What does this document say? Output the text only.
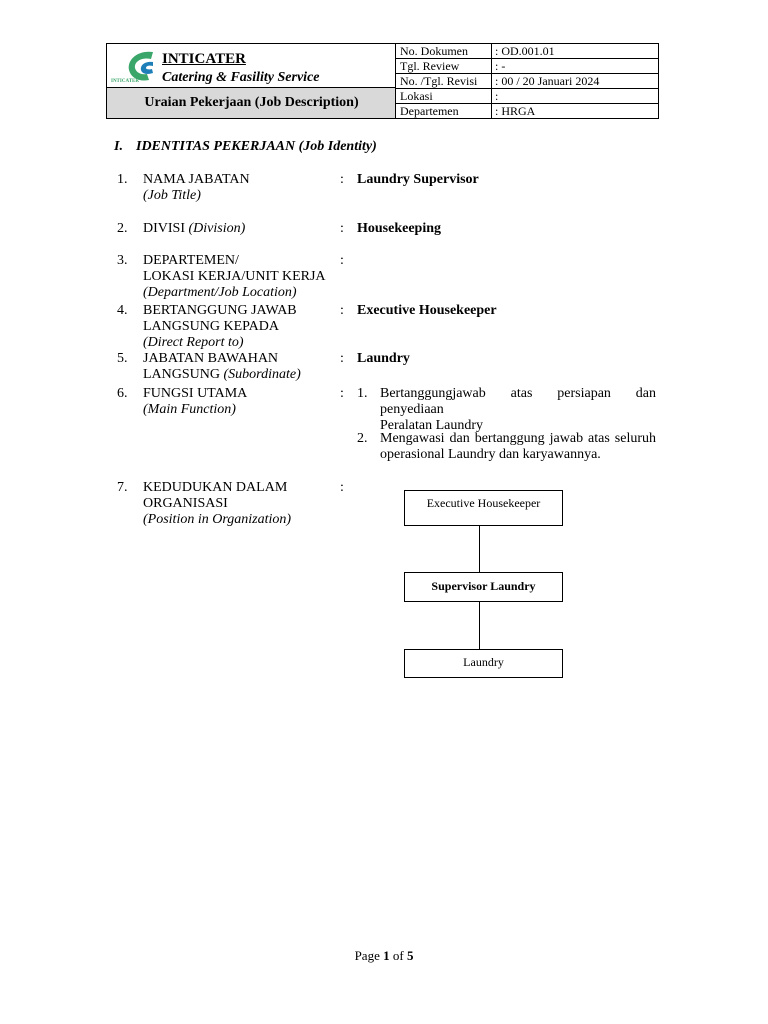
INTICATER
INTICATER
Catering & Fasility Service
Uraian Pekerjaan (Job Description)
No. Dokumen : OD.001.01
Tgl. Review	: -
No. /Tgl. Revisi : 00 / 20 Januari 2024
Lokasi	:
Departemen	: HRGA
I. IDENTITAS PEKERJAAN (Job Identity)
1. NAMA JABATAN
(Job Title)
: Laundry Supervisor
2. DIVISI (Division)	: Housekeeping
3. DEPARTEMEN/
LOKASI KERJA/UNIT KERJA
(Department/Job Location)
:
4. BERTANGGUNG JAWAB
LANGSUNG KEPADA
(Direct Report to)
: Executive Housekeeper
5. JABATAN BAWAHAN
LANGSUNG (Subordinate)
: Laundry
6. FUNGSI UTAMA
(Main Function)
: 1. Bertanggungjawab atas persiapan dan penyediaan
Peralatan Laundry
2. Mengawasi dan bertanggung jawab atas seluruh
operasional Laundry dan karyawannya.
7. KEDUDUKAN DALAM
ORGANISASI
(Position in Organization)
:
Executive Housekeeper
Supervisor Laundry
Laundry
Page 1 of 5
